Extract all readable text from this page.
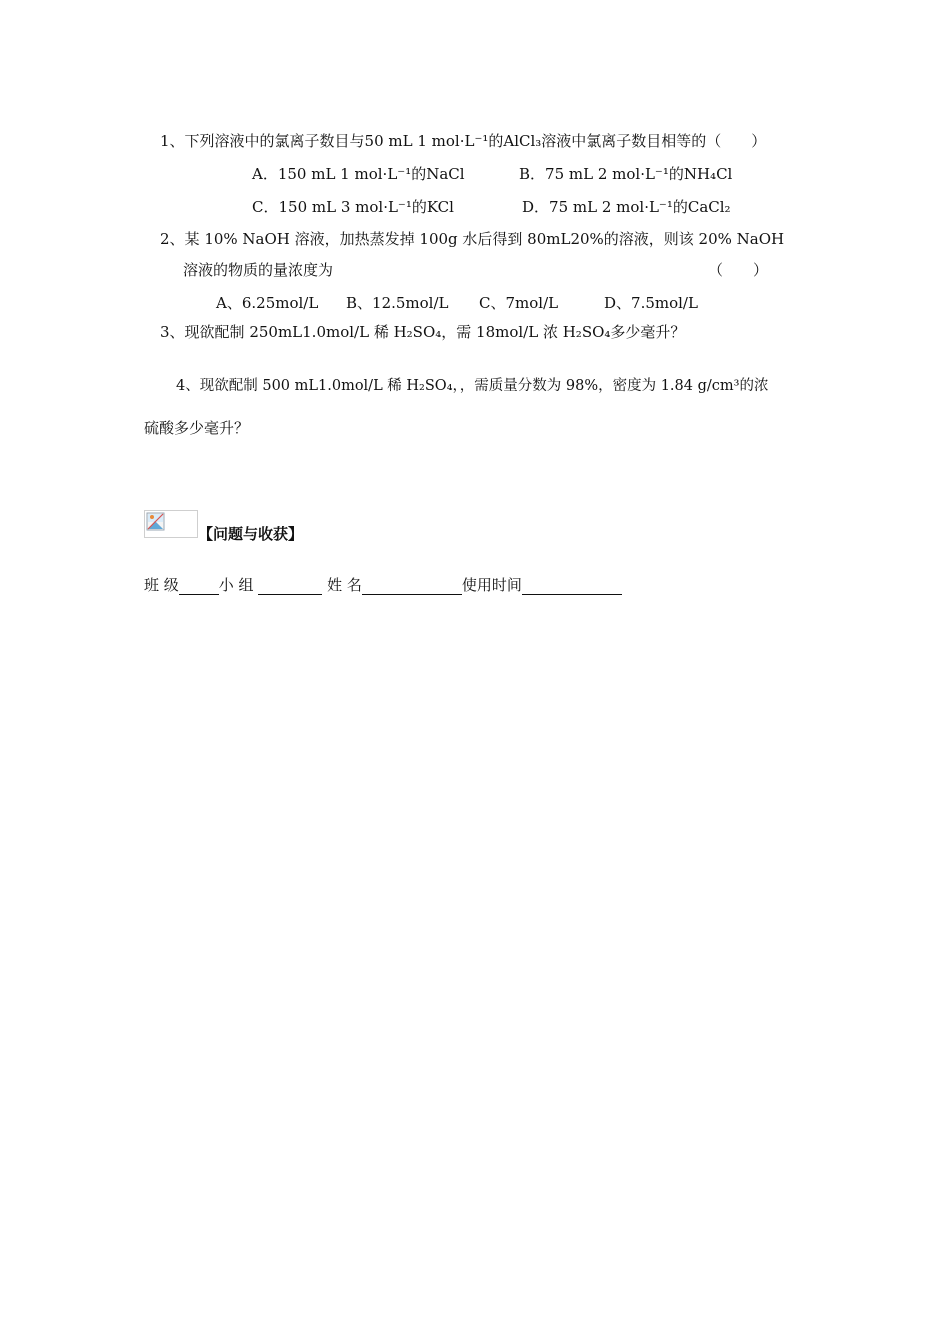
1、下列溶液中的氯离子数目与50 mL 1 mol·L⁻¹的AlCl₃溶液中氯离子数目相等的（　　）
A．150 mL 1 mol·L⁻¹的NaCl	B．75 mL 2 mol·L⁻¹的NH₄Cl
C．150 mL 3 mol·L⁻¹的KCl	D．75 mL 2 mol·L⁻¹的CaCl₂
2、某 10% NaOH 溶液，加热蒸发掉 100g 水后得到 80mL20%的溶液，则该 20% NaOH
溶液的物质的量浓度为	（　　）
A、6.25mol/L B、12.5mol/L C、7mol/L	D、7.5mol/L
3、现欲配制 250mL1.0mol/L 稀 H₂SO₄，需 18mol/L 浓 H₂SO₄多少毫升？
4、现欲配制 500 mL1.0mol/L 稀 H₂SO₄，，需质量分数为 98%，密度为 1.84 g/cm³的浓
硫酸多少毫升？
【问题与收获】
班 级	小 组	姓 名	使用时间
